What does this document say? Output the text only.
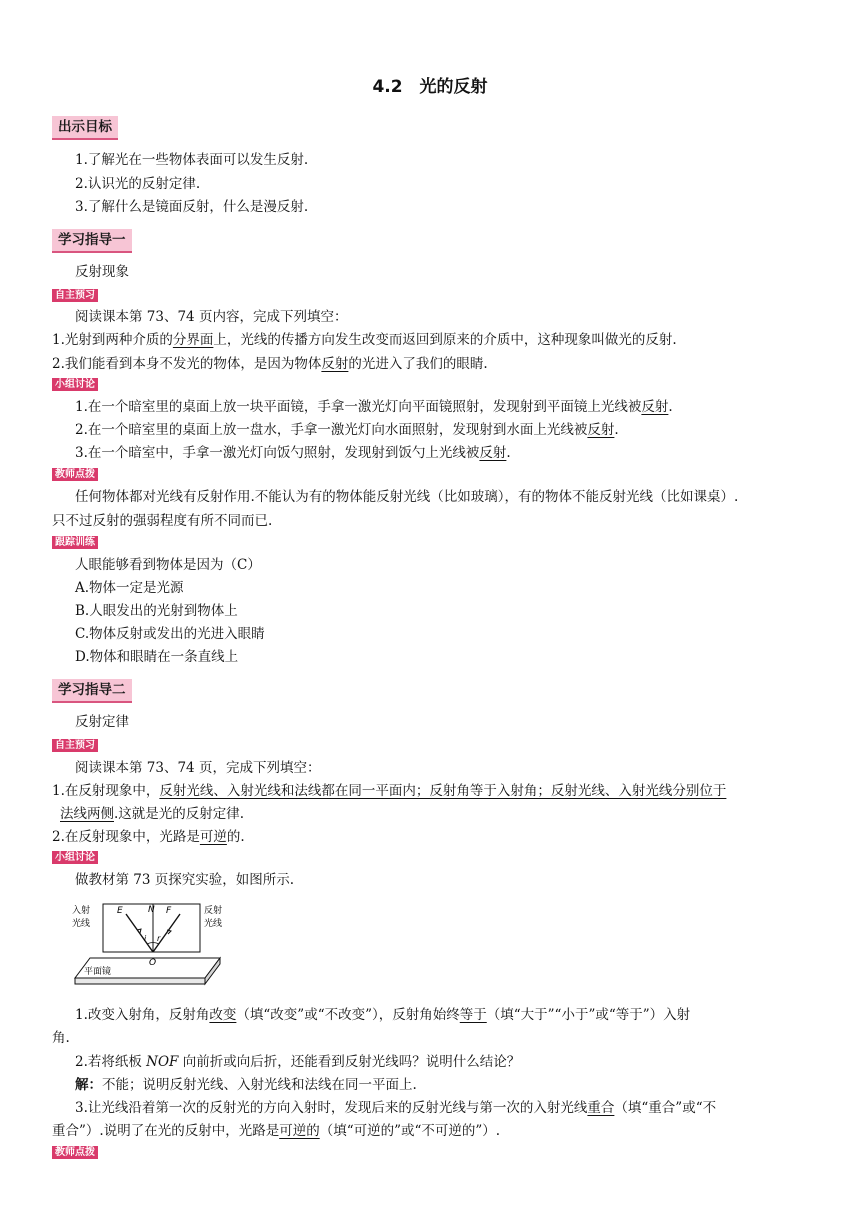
4.2　光的反射
出示目标
1.了解光在一些物体表面可以发生反射.
2.认识光的反射定律.
3.了解什么是镜面反射，什么是漫反射.
学习指导一
反射现象
自主预习
阅读课本第 73、74 页内容，完成下列填空：
1.光射到两种介质的分界面上，光线的传播方向发生改变而返回到原来的介质中，这种现象叫做光的反射.
2.我们能看到本身不发光的物体，是因为物体反射的光进入了我们的眼睛.
小组讨论
1.在一个暗室里的桌面上放一块平面镜，手拿一激光灯向平面镜照射，发现射到平面镜上光线被反射.
2.在一个暗室里的桌面上放一盘水，手拿一激光灯向水面照射，发现射到水面上光线被反射.
3.在一个暗室中，手拿一激光灯向饭勺照射，发现射到饭勺上光线被反射.
教师点拨
任何物体都对光线有反射作用.不能认为有的物体能反射光线（比如玻璃），有的物体不能反射光线（比如课桌）.
只不过反射的强弱程度有所不同而已.
跟踪训练
人眼能够看到物体是因为（C）
A.物体一定是光源
B.人眼发出的光射到物体上
C.物体反射或发出的光进入眼睛
D.物体和眼睛在一条直线上
学习指导二
反射定律
自主预习
阅读课本第 73、74 页，完成下列填空：
1.在反射现象中，反射光线、入射光线和法线都在同一平面内；反射角等于入射角；反射光线、入射光线分别位于
法线两侧.这就是光的反射定律.
2.在反射现象中，光路是可逆的.
小组讨论
做教材第 73 页探究实验，如图所示.
入射
光线
反射
光线
E	N F
i r
O
平面镜
1.改变入射角，反射角改变（填“改变”或“不改变”），反射角始终等于（填“大于”“小于”或“等于”）入射
角.
2.若将纸板 NOF 向前折或向后折，还能看到反射光线吗？说明什么结论？
解：不能；说明反射光线、入射光线和法线在同一平面上.
3.让光线沿着第一次的反射光的方向入射时，发现后来的反射光线与第一次的入射光线重合（填“重合”或“不
重合”）.说明了在光的反射中，光路是可逆的（填“可逆的”或“不可逆的”）.
教师点拨
